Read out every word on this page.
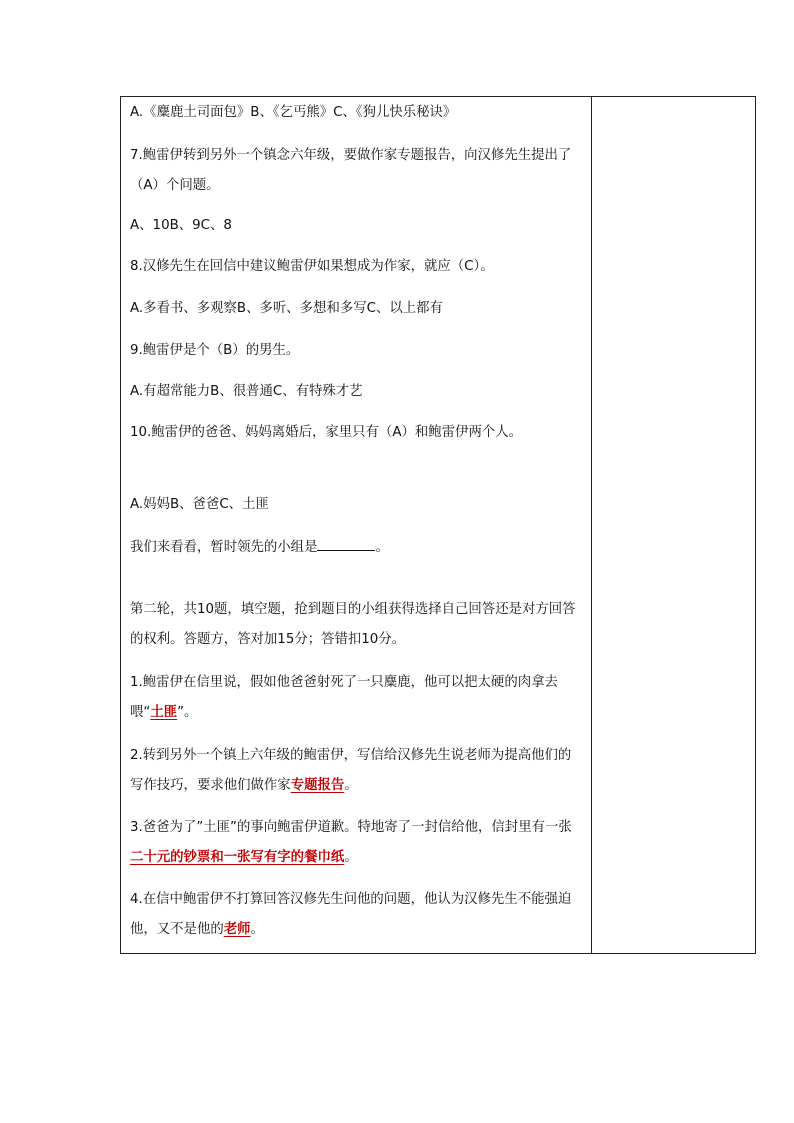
A.《麋鹿土司面包》B、《乞丐熊》C、《狗儿快乐秘诀》
7.鲍雷伊转到另外一个镇念六年级，要做作家专题报告，向汉修先生提出了（A）个问题。
A、10B、9C、8
8.汉修先生在回信中建议鲍雷伊如果想成为作家，就应（C）。
A.多看书、多观察B、多听、多想和多写C、以上都有
9.鲍雷伊是个（B）的男生。
A.有超常能力B、很普通C、有特殊才艺
10.鲍雷伊的爸爸、妈妈离婚后，家里只有（A）和鲍雷伊两个人。
A.妈妈B、爸爸C、土匪
我们来看看，暂时领先的小组是	。
第二轮，共10题，填空题，抢到题目的小组获得选择自己回答还是对方回答的权利。答题方，答对加15分；答错扣10分。
1.鲍雷伊在信里说，假如他爸爸射死了一只麋鹿，他可以把太硬的肉拿去喂“土匪”。
2.转到另外一个镇上六年级的鲍雷伊，写信给汉修先生说老师为提高他们的写作技巧，要求他们做作家专题报告。
3.爸爸为了”土匪”的事向鲍雷伊道歉。特地寄了一封信给他，信封里有一张二十元的钞票和一张写有字的餐巾纸。
4.在信中鲍雷伊不打算回答汉修先生问他的问题，他认为汉修先生不能强迫他，又不是他的老师。
